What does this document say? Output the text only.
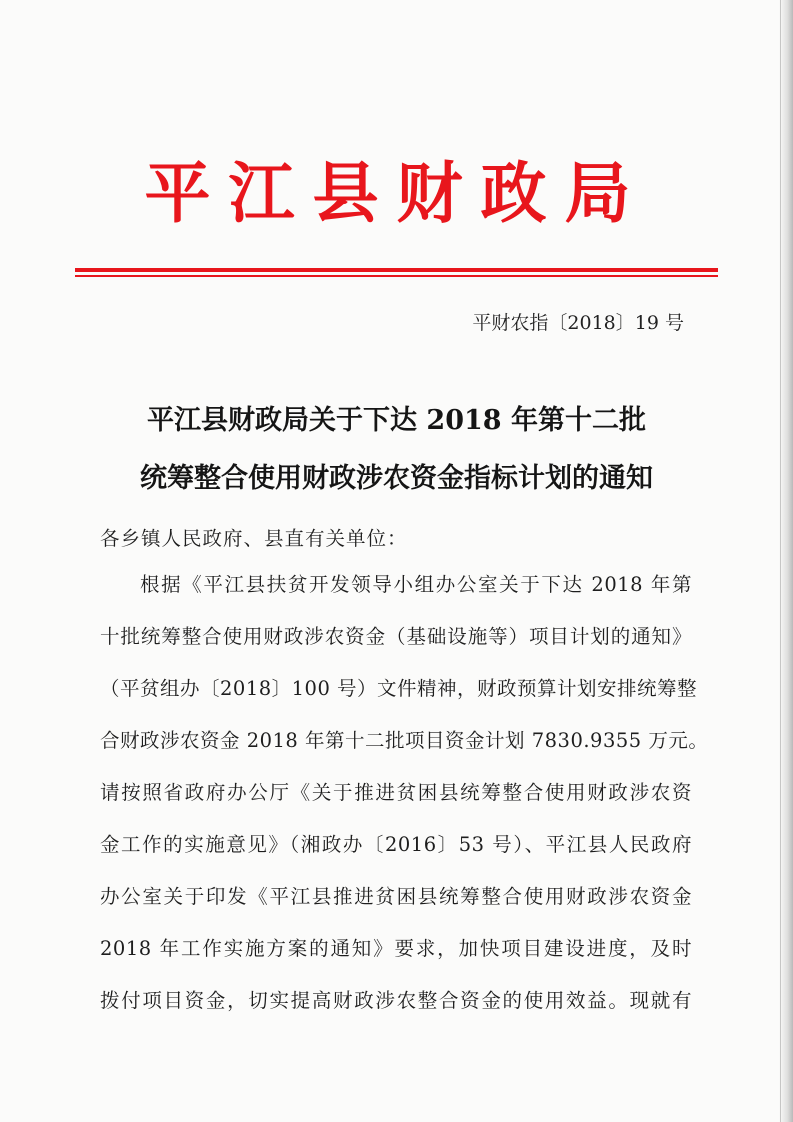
平江县财政局

平财农指〔2018〕19 号

平江县财政局关于下达 2018 年第十二批
统筹整合使用财政涉农资金指标计划的通知

各乡镇人民政府、县直有关单位：

根据《平江县扶贫开发领导小组办公室关于下达 2018 年第
十批统筹整合使用财政涉农资金（基础设施等）项目计划的通知》
（平贫组办〔2018〕100 号）文件精神，财政预算计划安排统筹整
合财政涉农资金 2018 年第十二批项目资金计划 7830.9355 万元。
请按照省政府办公厅《关于推进贫困县统筹整合使用财政涉农资
金工作的实施意见》（湘政办〔2016〕53 号）、平江县人民政府
办公室关于印发《平江县推进贫困县统筹整合使用财政涉农资金
2018 年工作实施方案的通知》要求，加快项目建设进度，及时
拨付项目资金，切实提高财政涉农整合资金的使用效益。现就有
